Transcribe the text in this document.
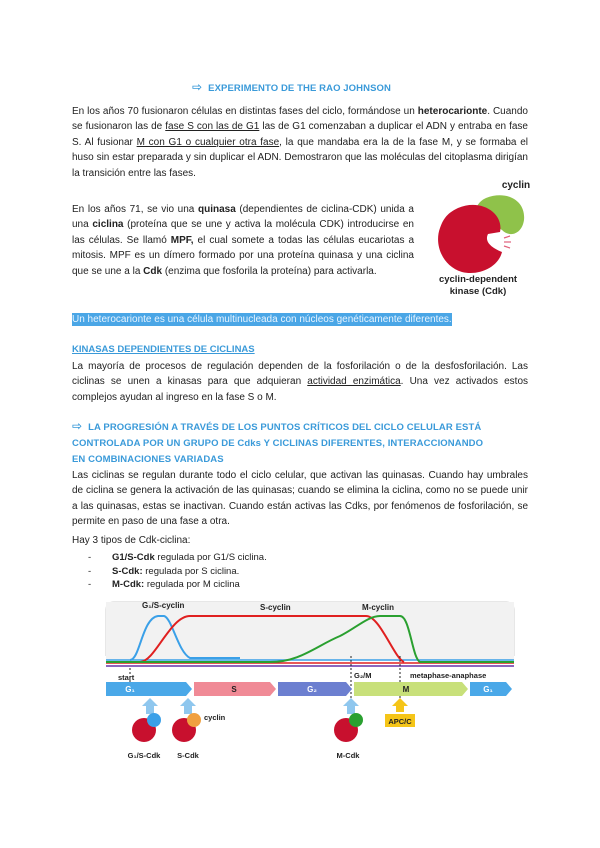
⇨ EXPERIMENTO DE THE RAO JOHNSON
En los años 70 fusionaron células en distintas fases del ciclo, formándose un heterocarionte. Cuando se fusionaron las de fase S con las de G1 las de G1 comenzaban a duplicar el ADN y entraba en fase S. Al fusionar M con G1 o cualquier otra fase, la que mandaba era la de la fase M, y se formaba el huso sin estar preparada y sin duplicar el ADN. Demostraron que las moléculas del citoplasma dirigían la transición entre las fases.
En los años 71, se vio una quinasa (dependientes de ciclina-CDK) unida a una ciclina (proteína que se une y activa la molécula CDK) introducirse en las células. Se llamó MPF, el cual somete a todas las células eucariotas a mitosis. MPF es un dímero formado por una proteína quinasa y una ciclina que se une a la Cdk (enzima que fosforila la proteína) para activarla.
cyclin
cyclin-dependent
kinase (Cdk)
Un heterocarionte es una célula multinucleada con núcleos genéticamente diferentes.
KINASAS DEPENDIENTES DE CICLINAS
La mayoría de procesos de regulación dependen de la fosforilación o de la desfosforilación. Las ciclinas se unen a kinasas para que adquieran actividad enzimática. Una vez activados estos complejos ayudan al ingreso en la fase S o M.
⇨ LA PROGRESIÓN A TRAVÉS DE LOS PUNTOS CRÍTICOS DEL CICLO CELULAR ESTÁ
CONTROLADA POR UN GRUPO DE Cdks Y CICLINAS DIFERENTES, INTERACCIONANDO
EN COMBINACIONES VARIADAS
Las ciclinas se regulan durante todo el ciclo celular, que activan las quinasas. Cuando hay umbrales de ciclina se genera la activación de las quinasas; cuando se elimina la ciclina, como no se puede unir a las quinasas, estas se inactivan. Cuando están activas las Cdks, por fenómenos de fosforilación, se permite en paso de una fase a otra.
Hay 3 tipos de Cdk-ciclina:
- G1/S-Cdk regulada por G1/S ciclina.
- S-Cdk: regulada por S ciclina.
- M-Cdk: regulada por M ciclina
G₁/S-cyclin	S-cyclin	M-cyclin
start	G₂/M	metaphase-anaphase
G₁	S	G₂	M	G₁
cyclin
G₁/S-Cdk S-Cdk	M-Cdk
APC/C
